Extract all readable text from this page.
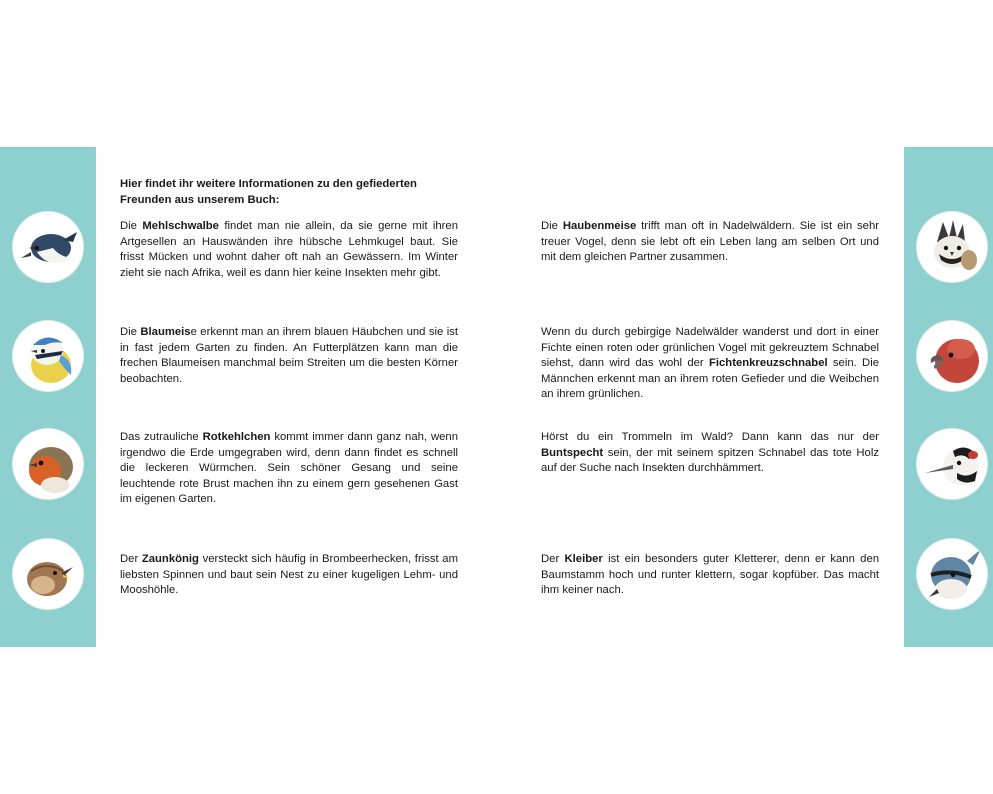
Hier findet ihr weitere Informationen zu den gefiederten Freunden aus unserem Buch:

Die Mehlschwalbe findet man nie allein, da sie gerne mit ihren Artgesellen an Hauswänden ihre hübsche Lehmkugel baut. Sie frisst Mücken und wohnt daher oft nah an Gewässern. Im Winter zieht sie nach Afrika, weil es dann hier keine Insekten mehr gibt.

Die Blaumeise erkennt man an ihrem blauen Häubchen und sie ist in fast jedem Garten zu finden. An Futterplätzen kann man die frechen Blaumeisen manchmal beim Streiten um die besten Körner beobachten.

Das zutrauliche Rotkehlchen kommt immer dann ganz nah, wenn irgendwo die Erde umgegraben wird, denn dann findet es schnell die leckeren Würmchen. Sein schöner Gesang und seine leuchtende rote Brust machen ihn zu einem gern gesehenen Gast im eigenen Garten.

Der Zaunkönig versteckt sich häufig in Brombeerhecken, frisst am liebsten Spinnen und baut sein Nest zu einer kugeligen Lehm- und Mooshöhle.

Die Haubenmeise trifft man oft in Nadelwäldern. Sie ist ein sehr treuer Vogel, denn sie lebt oft ein Leben lang am selben Ort und mit dem gleichen Partner zusammen.

Wenn du durch gebirgige Nadelwälder wanderst und dort in einer Fichte einen roten oder grünlichen Vogel mit gekreuztem Schnabel siehst, dann wird das wohl der Fichtenkreuzschnabel sein. Die Männchen erkennt man an ihrem roten Gefieder und die Weibchen an ihrem grünlichen.

Hörst du ein Trommeln im Wald? Dann kann das nur der Buntspecht sein, der mit seinem spitzen Schnabel das tote Holz auf der Suche nach Insekten durchhämmert.

Der Kleiber ist ein besonders guter Kletterer, denn er kann den Baumstamm hoch und runter klettern, sogar kopfüber. Das macht ihm keiner nach.
